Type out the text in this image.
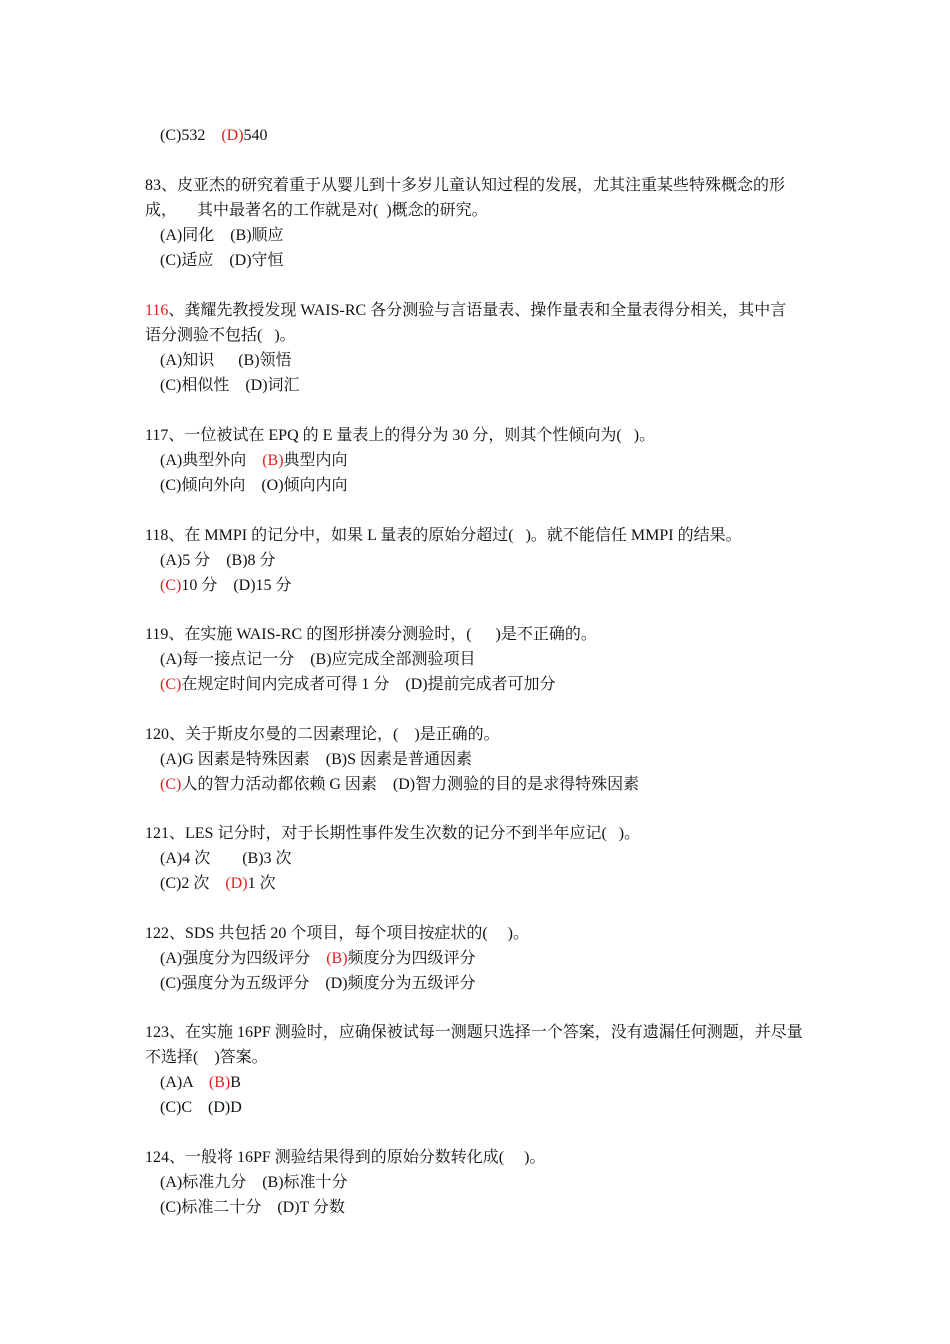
(C)532 (D)540
83、皮亚杰的研究着重于从婴儿到十多岁儿童认知过程的发展，尤其注重某些特殊概念的形
成，     其中最著名的工作就是对(  )概念的研究。
(A)同化 (B)顺应
(C)适应 (D)守恒
116、龚耀先教授发现 WAIS-RC 各分测验与言语量表、操作量表和全量表得分相关，其中言
语分测验不包括(   )。
(A)知识 (B)领悟
(C)相似性 (D)词汇
117、一位被试在 EPQ 的 E 量表上的得分为 30 分，则其个性倾向为(   )。
(A)典型外向 (B)典型内向
(C)倾向外向 (O)倾向内向
118、在 MMPI 的记分中，如果 L 量表的原始分超过(   )。就不能信任 MMPI 的结果。
(A)5 分 (B)8 分
(C)10 分 (D)15 分
119、在实施 WAIS-RC 的图形拼凑分测验时，(      )是不正确的。
(A)每一接点记一分 (B)应完成全部测验项目
(C)在规定时间内完成者可得 1 分 (D)提前完成者可加分
120、关于斯皮尔曼的二因素理论，(    )是正确的。
(A)G 因素是特殊因素 (B)S 因素是普通因素
(C)人的智力活动都依赖 G 因素 (D)智力测验的目的是求得特殊因素
121、LES 记分时，对于长期性事件发生次数的记分不到半年应记(   )。
(A)4 次 (B)3 次
(C)2 次 (D)1 次
122、SDS 共包括 20 个项目，每个项目按症状的(     )。
(A)强度分为四级评分 (B)频度分为四级评分
(C)强度分为五级评分 (D)频度分为五级评分
123、在实施 16PF 测验时，应确保被试每一测题只选择一个答案，没有遗漏任何测题，并尽量
不选择(    )答案。
(A)A (B)B
(C)C (D)D
124、一般将 16PF 测验结果得到的原始分数转化成(     )。
(A)标准九分 (B)标准十分
(C)标准二十分 (D)T 分数
